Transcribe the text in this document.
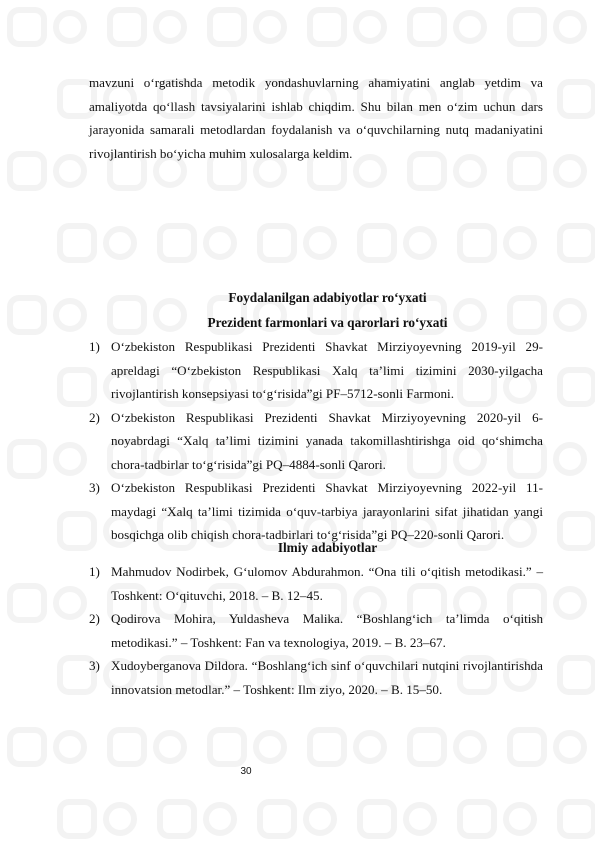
mavzuni o‘rgatishda metodik yondashuvlarning ahamiyatini anglab yetdim va amaliyotda qo‘llash tavsiyalarini ishlab chiqdim. Shu bilan men o‘zim uchun dars jarayonida samarali metodlardan foydalanish va o‘quvchilarning nutq madaniyatini rivojlantirish bo‘yicha muhim xulosalarga keldim.

Foydalanilgan adabiyotlar ro‘yxati
Prezident farmonlari va qarorlari ro‘yxati
1) O‘zbekiston Respublikasi Prezidenti Shavkat Mirziyoyevning 2019-yil 29-apreldagi “O‘zbekiston Respublikasi Xalq ta’limi tizimini 2030-yilgacha rivojlantirish konsepsiyasi to‘g‘risida”gi PF–5712-sonli Farmoni.
2) O‘zbekiston Respublikasi Prezidenti Shavkat Mirziyoyevning 2020-yil 6-noyabrdagi “Xalq ta’limi tizimini yanada takomillashtirishga oid qo‘shimcha chora-tadbirlar to‘g‘risida”gi PQ–4884-sonli Qarori.
3) O‘zbekiston Respublikasi Prezidenti Shavkat Mirziyoyevning 2022-yil 11-maydagi “Xalq ta’limi tizimida o‘quv-tarbiya jarayonlarini sifat jihatidan yangi bosqichga olib chiqish chora-tadbirlari to‘g‘risida”gi PQ–220-sonli Qarori.
Ilmiy adabiyotlar
1) Mahmudov Nodirbek, G‘ulomov Abdurahmon. “Ona tili o‘qitish metodikasi.” – Toshkent: O‘qituvchi, 2018. – B. 12–45.
2) Qodirova Mohira, Yuldasheva Malika. “Boshlang‘ich ta’limda o‘qitish metodikasi.” – Toshkent: Fan va texnologiya, 2019. – B. 23–67.
3) Xudoyberganova Dildora. “Boshlang‘ich sinf o‘quvchilari nutqini rivojlantirishda innovatsion metodlar.” – Toshkent: Ilm ziyo, 2020. – B. 15–50.
30
